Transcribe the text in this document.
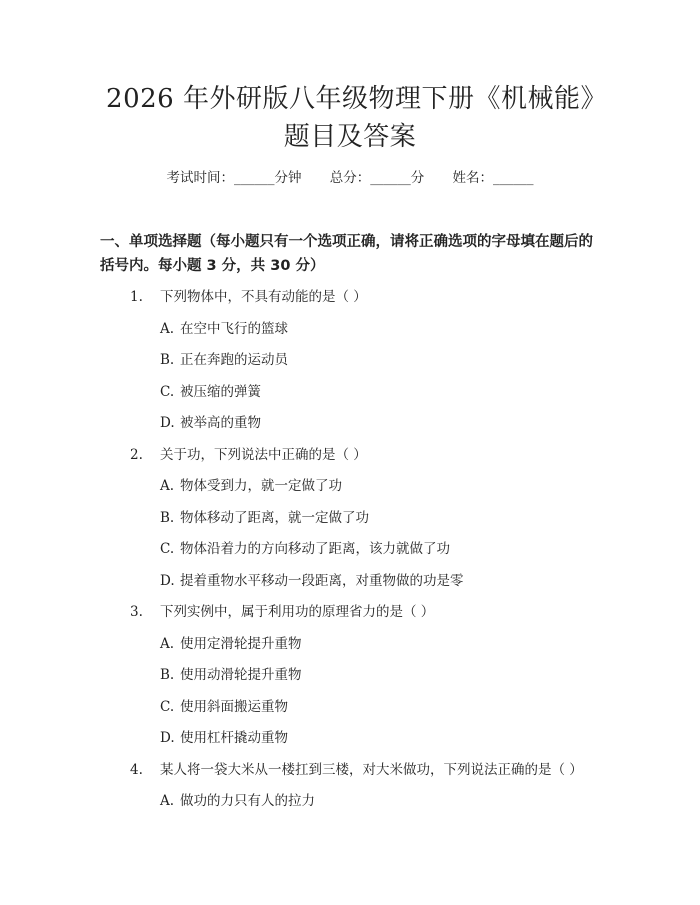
2026 年外研版八年级物理下册《机械能》题目及答案
考试时间：______分钟 总分：______分 姓名：______
一、单项选择题（每小题只有一个选项正确，请将正确选项的字母填在题后的括号内。每小题 3 分，共 30 分）
1.	下列物体中，不具有动能的是（ ）
A. 在空中飞行的篮球
B. 正在奔跑的运动员
C. 被压缩的弹簧
D. 被举高的重物
2.	关于功，下列说法中正确的是（ ）
A. 物体受到力，就一定做了功
B. 物体移动了距离，就一定做了功
C. 物体沿着力的方向移动了距离，该力就做了功
D. 提着重物水平移动一段距离，对重物做的功是零
3.	下列实例中，属于利用功的原理省力的是（ ）
A. 使用定滑轮提升重物
B. 使用动滑轮提升重物
C. 使用斜面搬运重物
D. 使用杠杆撬动重物
4.	某人将一袋大米从一楼扛到三楼，对大米做功，下列说法正确的是（ ）
A. 做功的力只有人的拉力
